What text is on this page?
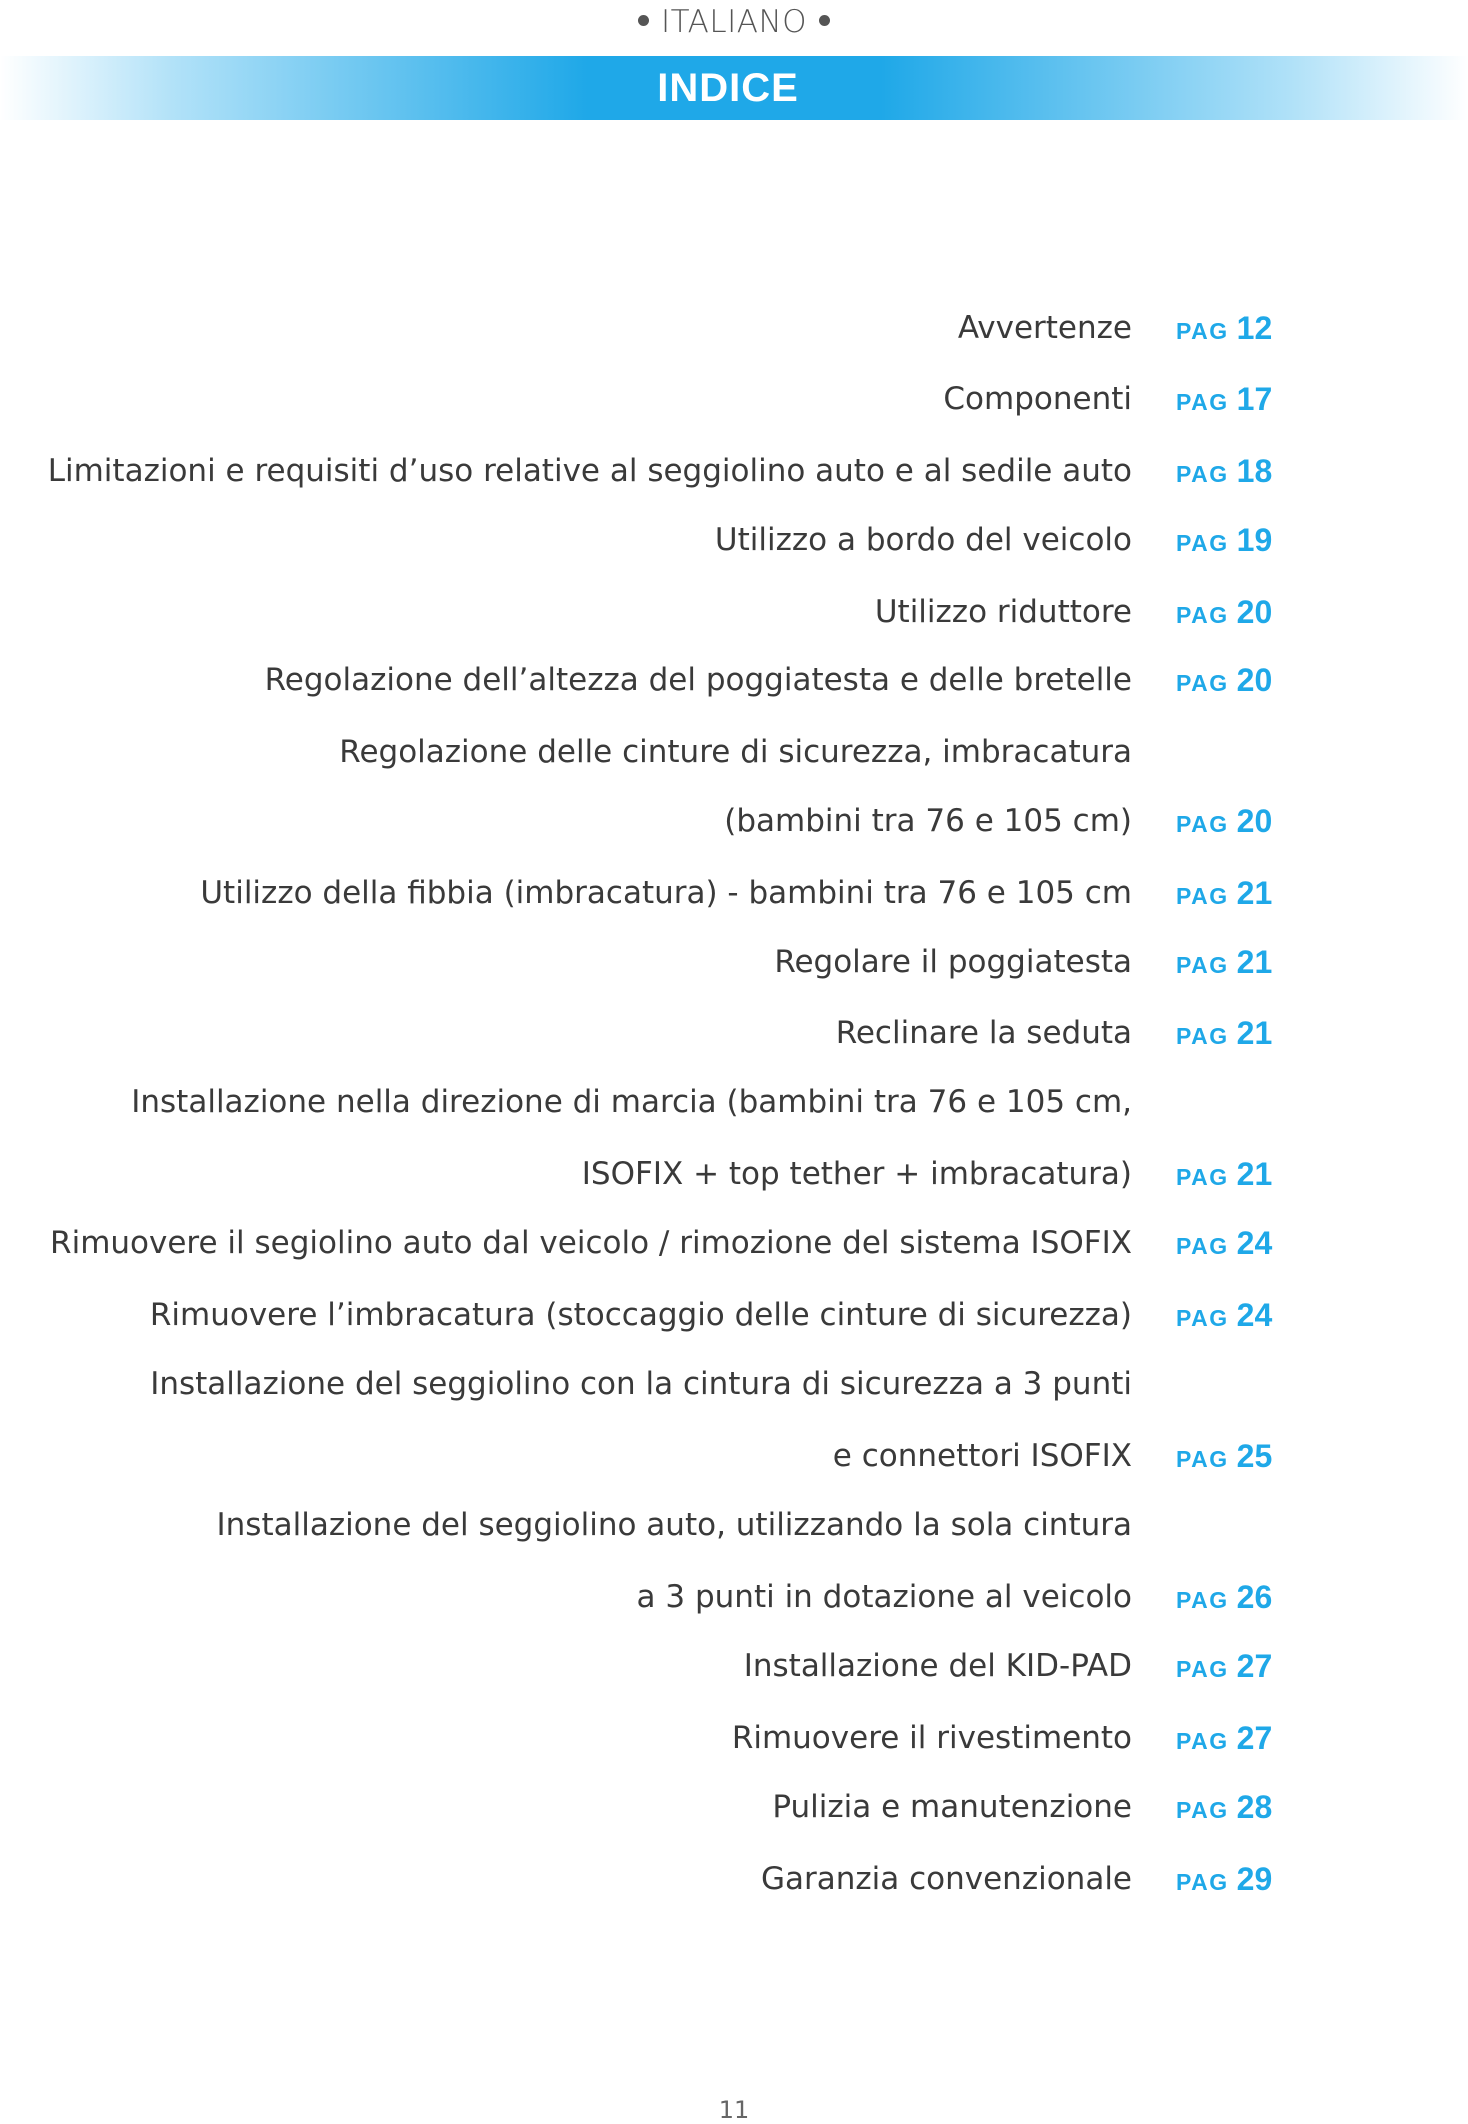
ITALIANO
INDICE
Avvertenze PAG 12
Componenti PAG 17
Limitazioni e requisiti d’uso relative al seggiolino auto e al sedile auto PAG 18
Utilizzo a bordo del veicolo PAG 19
Utilizzo riduttore PAG 20
Regolazione dell’altezza del poggiatesta e delle bretelle PAG 20
Regolazione delle cinture di sicurezza, imbracatura
(bambini tra 76 e 105 cm) PAG 20
Utilizzo della fibbia (imbracatura) - bambini tra 76 e 105 cm PAG 21
Regolare il poggiatesta PAG 21
Reclinare la seduta PAG 21
Installazione nella direzione di marcia (bambini tra 76 e 105 cm,
ISOFIX + top tether + imbracatura) PAG 21
Rimuovere il segiolino auto dal veicolo / rimozione del sistema ISOFIX PAG 24
Rimuovere l’imbracatura (stoccaggio delle cinture di sicurezza) PAG 24
Installazione del seggiolino con la cintura di sicurezza a 3 punti
e connettori ISOFIX PAG 25
Installazione del seggiolino auto, utilizzando la sola cintura
a 3 punti in dotazione al veicolo PAG 26
Installazione del KID-PAD PAG 27
Rimuovere il rivestimento PAG 27
Pulizia e manutenzione PAG 28
Garanzia convenzionale PAG 29
11
